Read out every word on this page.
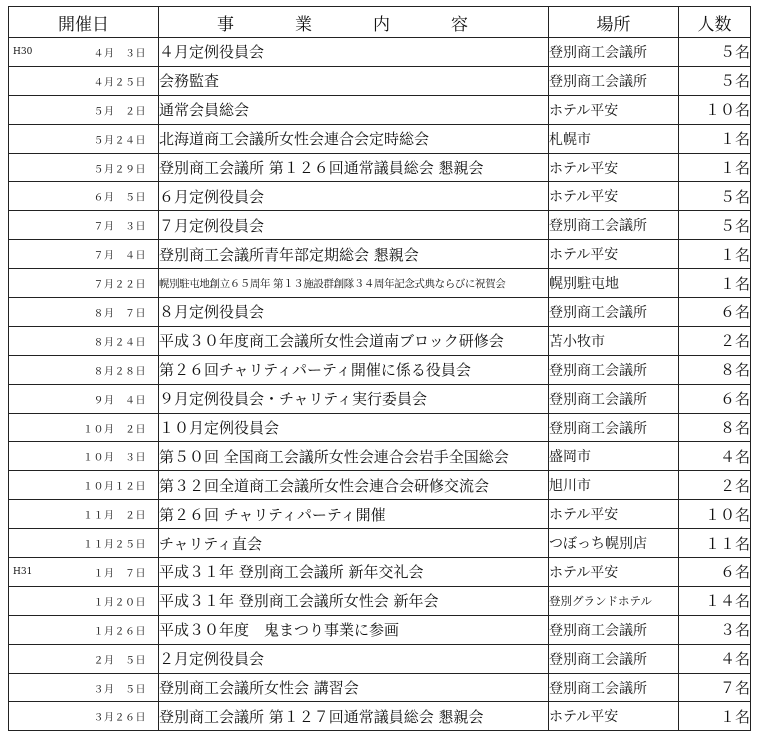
開催日	事　業　内　容	場所	人数

H30 ４月　３日	４月定例役員会	登別商工会議所	５名

４月２５日	会務監査	登別商工会議所	５名

５月　２日	通常会員総会	ホテル平安	１０名

５月２４日	北海道商工会議所女性会連合会定時総会	札幌市	１名

５月２９日	登別商工会議所 第１２６回通常議員総会 懇親会	ホテル平安	１名

６月　５日	６月定例役員会	ホテル平安	５名

７月　３日	７月定例役員会	登別商工会議所	５名

７月　４日	登別商工会議所青年部定期総会 懇親会	ホテル平安	１名

７月２２日	幌別駐屯地創立６５周年 第１３施設群創隊３４周年記念式典ならびに祝賀会	幌別駐屯地	１名

８月　７日	８月定例役員会	登別商工会議所	６名

８月２４日	平成３０年度商工会議所女性会道南ブロック研修会	苫小牧市	２名

８月２８日	第２６回チャリティパーティ開催に係る役員会	登別商工会議所	８名

９月　４日	９月定例役員会・チャリティ実行委員会	登別商工会議所	６名

１０月　２日	１０月定例役員会	登別商工会議所	８名

１０月　３日	第５０回 全国商工会議所女性会連合会岩手全国総会	盛岡市	４名

１０月１２日	第３２回全道商工会議所女性会連合会研修交流会	旭川市	２名

１１月　２日	第２６回 チャリティパーティ開催	ホテル平安	１０名

１１月２５日	チャリティ直会	つぼっち幌別店	１１名

H31 １月　７日	平成３１年 登別商工会議所 新年交礼会	ホテル平安	６名

１月２０日	平成３１年 登別商工会議所女性会 新年会	登別グランドホテル	１４名

１月２６日	平成３０年度　鬼まつり事業に参画	登別商工会議所	３名

２月　５日	２月定例役員会	登別商工会議所	４名

３月　５日	登別商工会議所女性会 講習会	登別商工会議所	７名

３月２６日	登別商工会議所 第１２７回通常議員総会 懇親会	ホテル平安	１名
